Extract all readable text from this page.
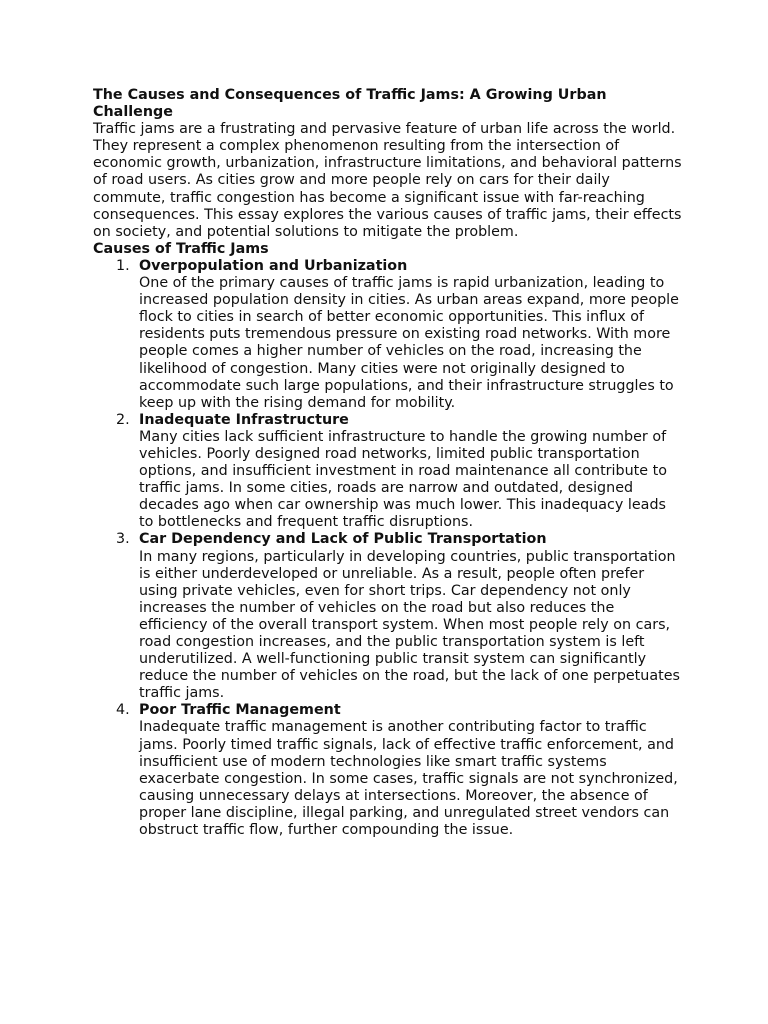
The Causes and Consequences of Traffic Jams: A Growing Urban Challenge

Traffic jams are a frustrating and pervasive feature of urban life across the world. They represent a complex phenomenon resulting from the intersection of economic growth, urbanization, infrastructure limitations, and behavioral patterns of road users. As cities grow and more people rely on cars for their daily commute, traffic congestion has become a significant issue with far-reaching consequences. This essay explores the various causes of traffic jams, their effects on society, and potential solutions to mitigate the problem.

Causes of Traffic Jams

1. Overpopulation and Urbanization

One of the primary causes of traffic jams is rapid urbanization, leading to increased population density in cities. As urban areas expand, more people flock to cities in search of better economic opportunities. This influx of residents puts tremendous pressure on existing road networks. With more people comes a higher number of vehicles on the road, increasing the likelihood of congestion. Many cities were not originally designed to accommodate such large populations, and their infrastructure struggles to keep up with the rising demand for mobility.

2. Inadequate Infrastructure

Many cities lack sufficient infrastructure to handle the growing number of vehicles. Poorly designed road networks, limited public transportation options, and insufficient investment in road maintenance all contribute to traffic jams. In some cities, roads are narrow and outdated, designed decades ago when car ownership was much lower. This inadequacy leads to bottlenecks and frequent traffic disruptions.

3. Car Dependency and Lack of Public Transportation

In many regions, particularly in developing countries, public transportation is either underdeveloped or unreliable. As a result, people often prefer using private vehicles, even for short trips. Car dependency not only increases the number of vehicles on the road but also reduces the efficiency of the overall transport system. When most people rely on cars, road congestion increases, and the public transportation system is left underutilized. A well-functioning public transit system can significantly reduce the number of vehicles on the road, but the lack of one perpetuates traffic jams.

4. Poor Traffic Management

Inadequate traffic management is another contributing factor to traffic jams. Poorly timed traffic signals, lack of effective traffic enforcement, and insufficient use of modern technologies like smart traffic systems exacerbate congestion. In some cases, traffic signals are not synchronized, causing unnecessary delays at intersections. Moreover, the absence of proper lane discipline, illegal parking, and unregulated street vendors can obstruct traffic flow, further compounding the issue.
